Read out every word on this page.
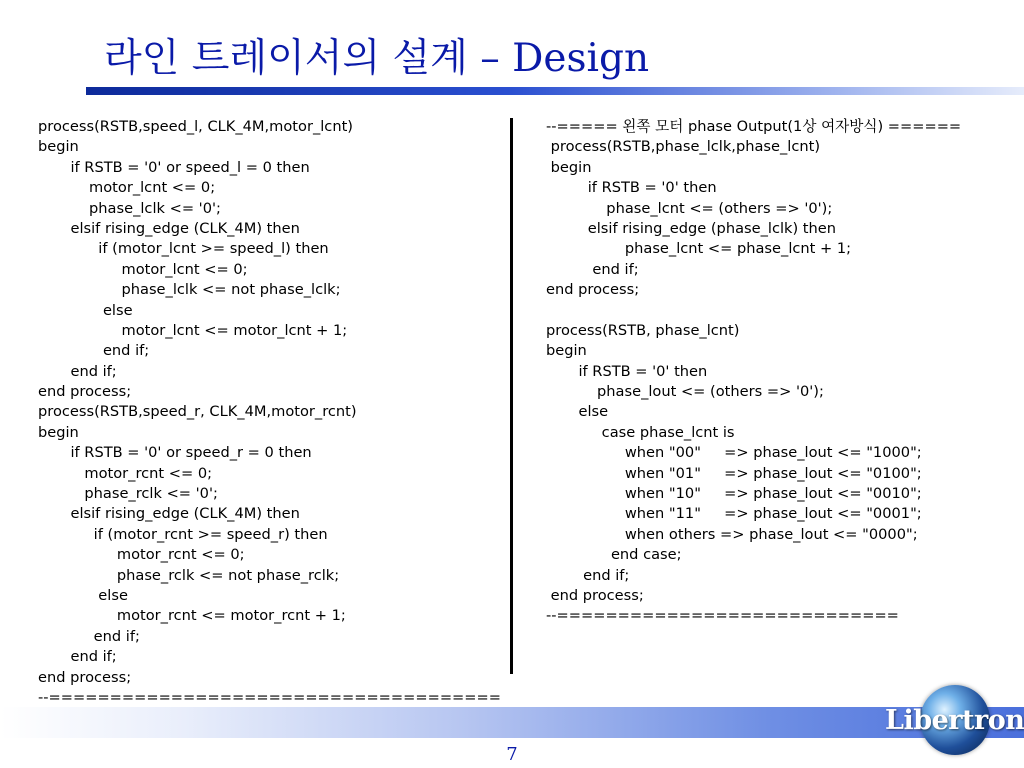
라인 트레이서의 설계 – Design
process(RSTB,speed_l, CLK_4M,motor_lcnt)
begin
if RSTB = '0' or speed_l = 0 then
motor_lcnt <= 0;
phase_lclk <= '0';
elsif rising_edge (CLK_4M) then
if (motor_lcnt >= speed_l) then
motor_lcnt <= 0;
phase_lclk <= not phase_lclk;
else
motor_lcnt <= motor_lcnt + 1;
end if;
end if;
end process;
process(RSTB,speed_r, CLK_4M,motor_rcnt)
begin
if RSTB = '0' or speed_r = 0 then
motor_rcnt <= 0;
phase_rclk <= '0';
elsif rising_edge (CLK_4M) then
if (motor_rcnt >= speed_r) then
motor_rcnt <= 0;
phase_rclk <= not phase_rclk;
else
motor_rcnt <= motor_rcnt + 1;
end if;
end if;
end process;
--=====================================
--===== 왼쪽 모터 phase Output(1상 여자방식) ======
process(RSTB,phase_lclk,phase_lcnt)
begin
if RSTB = '0' then
phase_lcnt <= (others => '0');
elsif rising_edge (phase_lclk) then
phase_lcnt <= phase_lcnt + 1;
end if;
end process;
process(RSTB, phase_lcnt)
begin
if RSTB = '0' then
phase_lout <= (others => '0');
else
case phase_lcnt is
when "00"     => phase_lout <= "1000";
when "01"     => phase_lout <= "0100";
when "10"     => phase_lout <= "0010";
when "11"     => phase_lout <= "0001";
when others => phase_lout <= "0000";
end case;
end if;
end process;
--============================
Libertron
7
